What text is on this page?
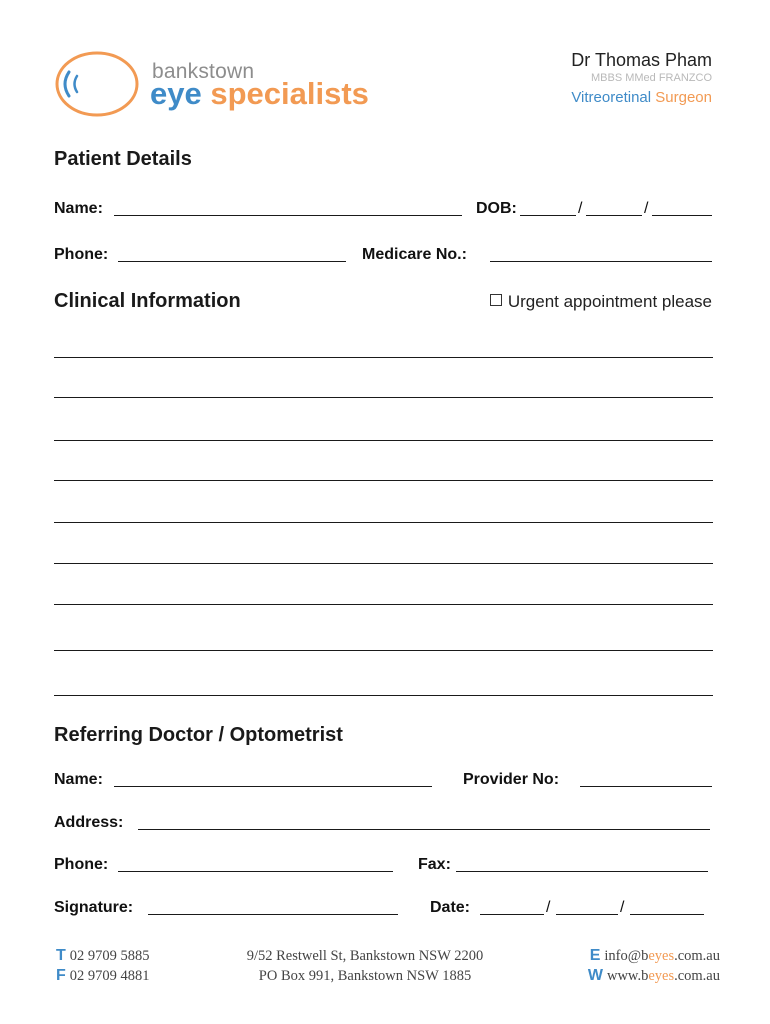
bankstown
eye specialists
Dr Thomas Pham
MBBS MMed FRANZCO
Vitreoretinal Surgeon
Patient Details
Name:	DOB:	/	/
Phone:	Medicare No.:
Clinical Information	Urgent appointment please
Referring Doctor / Optometrist
Name:	Provider No:
Address:
Phone:	Fax:
Signature:	Date:	/	/
T 02 9709 5885
F 02 9709 4881
9/52 Restwell St, Bankstown NSW 2200
PO Box 991, Bankstown NSW 1885
E info@beyes.com.au
W www.beyes.com.au
